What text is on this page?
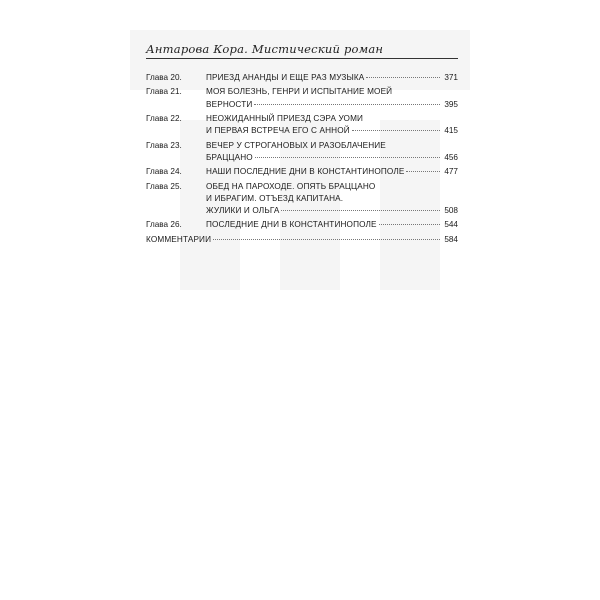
Антарова Кора. Мистический роман
Глава 20.	ПРИЕЗД АНАНДЫ И ЕЩЕ РАЗ МУЗЫКА	371
Глава 21.	МОЯ БОЛЕЗНЬ, ГЕНРИ И ИСПЫТАНИЕ МОЕЙ
ВЕРНОСТИ	395
Глава 22.	НЕОЖИДАННЫЙ ПРИЕЗД СЭРА УОМИ
И ПЕРВАЯ ВСТРЕЧА ЕГО С АННОЙ	415
Глава 23.	ВЕЧЕР У СТРОГАНОВЫХ И РАЗОБЛАЧЕНИЕ
БРАЦЦАНО	456
Глава 24.	НАШИ ПОСЛЕДНИЕ ДНИ В КОНСТАНТИНОПОЛЕ	477
Глава 25.	ОБЕД НА ПАРОХОДЕ. ОПЯТЬ БРАЦЦАНО
И ИБРАГИМ. ОТЪЕЗД КАПИТАНА.
ЖУЛИКИ И ОЛЬГА	508
Глава 26.	ПОСЛЕДНИЕ ДНИ В КОНСТАНТИНОПОЛЕ	544
КОММЕНТАРИИ	584
